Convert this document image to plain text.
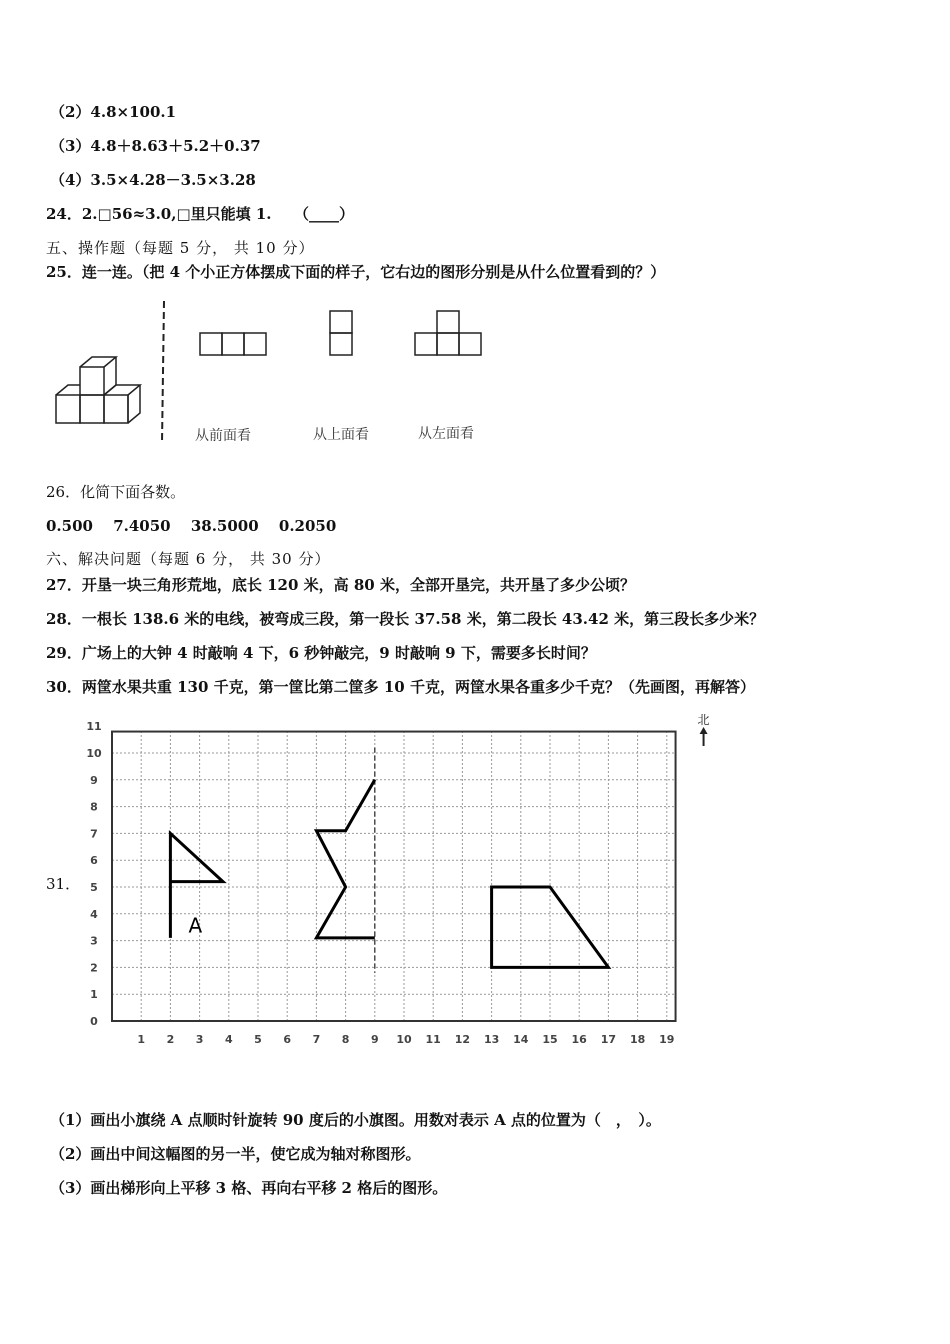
（2）4.8×100.1
（3）4.8＋8.63＋5.2＋0.37
（4）3.5×4.28－3.5×3.28
24．2.□56≈3.0,□里只能填 1.　　（____）
五、操作题（每题 5 分， 共 10 分）
25．连一连。（把 4 个小正方体摆成下面的样子，它右边的图形分别是从什么位置看到的？）
从前面看	从上面看	从左面看
26．化简下面各数。
0.500　 7.4050　 38.5000　 0.2050
六、解决问题（每题 6 分， 共 30 分）
27．开垦一块三角形荒地，底长 120 米，高 80 米，全部开垦完，共开垦了多少公顷？
28．一根长 138.6 米的电线，被弯成三段，第一段长 37.58 米，第二段长 43.42 米，第三段长多少米？
29．广场上的大钟 4 时敲响 4 下，6 秒钟敲完，9 时敲响 9 下，需要多长时间？
30．两筐水果共重 130 千克，第一筐比第二筐多 10 千克，两筐水果各重多少千克？（先画图，再解答）
31．
1 2 3 4 5 6 7 8 9 10 11 12 13 14 15 16 17 18 19
0
1
2
3
4
5
6
7
8
9
10
11	北
A
（1）画出小旗绕 A 点顺时针旋转 90 度后的小旗图。用数对表示 A 点的位置为（　，　）。
（2）画出中间这幅图的另一半，使它成为轴对称图形。
（3）画出梯形向上平移 3 格、再向右平移 2 格后的图形。
